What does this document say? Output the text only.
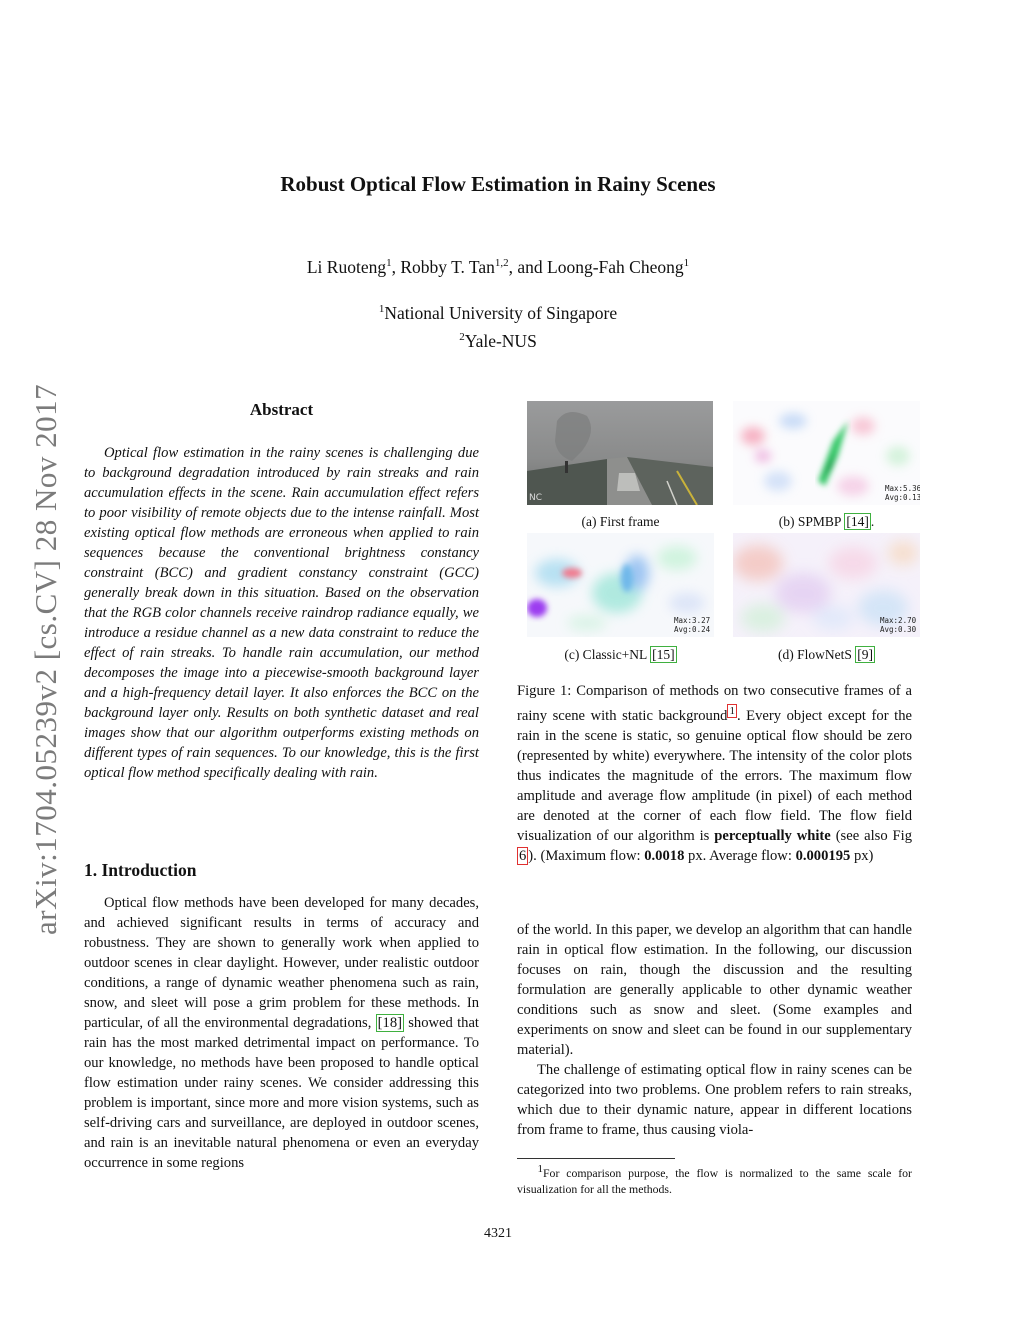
arXiv:1704.05239v2 [cs.CV] 28 Nov 2017
Robust Optical Flow Estimation in Rainy Scenes
Li Ruoteng$^1$, Robby T. Tan$^{1,2}$, and Loong-Fah Cheong$^1$
$^1$National University of Singapore
$^2$Yale-NUS
Abstract
Optical flow estimation in the rainy scenes is challenging due to background degradation introduced by rain streaks and rain accumulation effects in the scene. Rain accumulation effect refers to poor visibility of remote objects due to the intense rainfall. Most existing optical flow methods are erroneous when applied to rain sequences because the conventional brightness constancy constraint (BCC) and gradient constancy constraint (GCC) generally break down in this situation. Based on the observation that the RGB color channels receive raindrop radiance equally, we introduce a residue channel as a new data constraint to reduce the effect of rain streaks. To handle rain accumulation, our method decomposes the image into a piecewise-smooth background layer and a high-frequency detail layer. It also enforces the BCC on the background layer only. Results on both synthetic dataset and real images show that our algorithm outperforms existing methods on different types of rain sequences. To our knowledge, this is the first optical flow method specifically dealing with rain.
1. Introduction
Optical flow methods have been developed for many decades, and achieved significant results in terms of accuracy and robustness. They are shown to generally work when applied to outdoor scenes in clear daylight. However, under realistic outdoor conditions, a range of dynamic weather phenomena such as rain, snow, and sleet will pose a grim problem for these methods. In particular, of all the environmental degradations, [18] showed that rain has the most marked detrimental impact on performance. To our knowledge, no methods have been proposed to handle optical flow estimation under rainy scenes. We consider addressing this problem is important, since more and more vision systems, such as self-driving cars and surveillance, are deployed in outdoor scenes, and rain is an inevitable natural phenomena or even an everyday occurrence in some regions
NC
(a) First frame
Max:5.36
Avg:0.13
(b) SPMBP [14] .
Max:3.27
Avg:0.24
(c) Classic+NL [15]
Max:2.70
Avg:0.30
(d) FlowNetS [9]
Figure 1: Comparison of methods on two consecutive frames of a rainy scene with static background $^1$ . Every object except for the rain in the scene is static, so genuine optical flow should be zero (represented by white) everywhere. The intensity of the color plots thus indicates the magnitude of the errors. The maximum flow amplitude and average flow amplitude (in pixel) of each method are denoted at the corner of each flow field. The flow field visualization of our algorithm is perceptually white (see also Fig 6 ). (Maximum flow: 0.0018 px. Average flow: 0.000195 px)

of the world. In this paper, we develop an algorithm that can handle rain in optical flow estimation. In the following, our discussion focuses on rain, though the discussion and the resulting formulation are generally applicable to other dynamic weather conditions such as snow and sleet. (Some examples and experiments on snow and sleet can be found in our supplementary material).

The challenge of estimating optical flow in rainy scenes can be categorized into two problems. One problem refers to rain streaks, which due to their dynamic nature, appear in different locations from frame to frame, thus causing viola-

$^1$For comparison purpose, the flow is normalized to the same scale for visualization for all the methods.
4321
